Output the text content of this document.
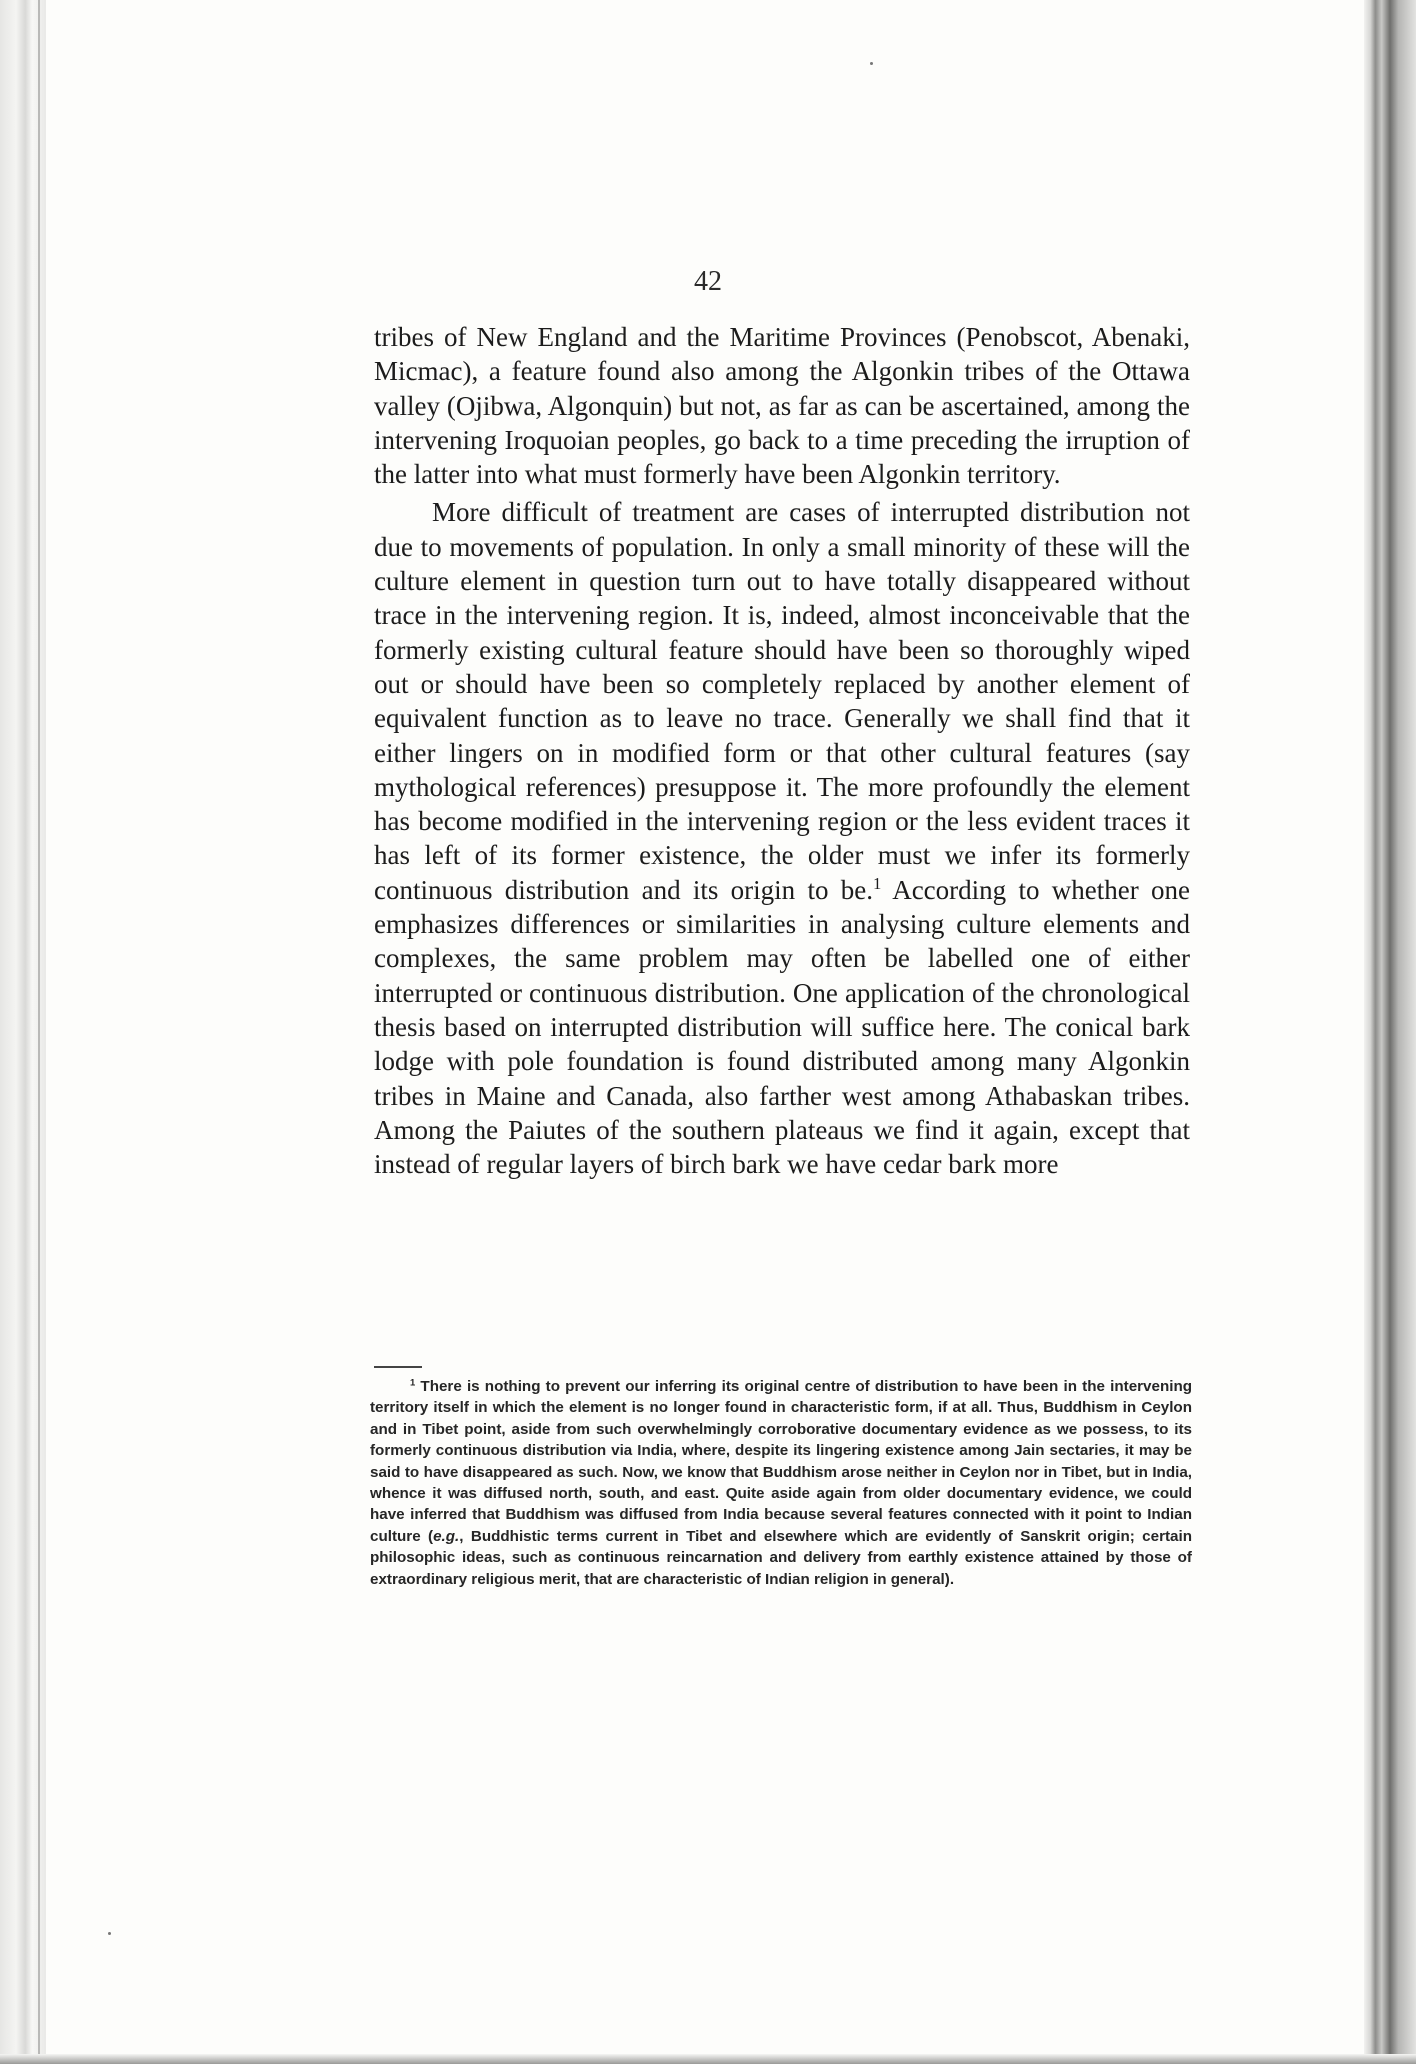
42

tribes of New England and the Maritime Provinces (Penobscot, Abenaki, Micmac), a feature found also among the Algonkin tribes of the Ottawa valley (Ojibwa, Algonquin) but not, as far as can be ascertained, among the intervening Iroquoian peoples, go back to a time preceding the irruption of the latter into what must formerly have been Algonkin territory.

More difficult of treatment are cases of interrupted distribution not due to movements of population. In only a small minority of these will the culture element in question turn out to have totally disappeared without trace in the intervening region. It is, indeed, almost inconceivable that the formerly existing cultural feature should have been so thoroughly wiped out or should have been so completely replaced by another element of equivalent function as to leave no trace. Generally we shall find that it either lingers on in modified form or that other cultural features (say mythological references) presuppose it. The more profoundly the element has become modified in the intervening region or the less evident traces it has left of its former existence, the older must we infer its formerly continuous distribution and its origin to be.$^1$ According to whether one emphasizes differences or similarities in analysing culture elements and complexes, the same problem may often be labelled one of either interrupted or continuous distribution. One application of the chronological thesis based on interrupted distribution will suffice here. The conical bark lodge with pole foundation is found distributed among many Algonkin tribes in Maine and Canada, also farther west among Athabaskan tribes. Among the Paiutes of the southern plateaus we find it again, except that instead of regular layers of birch bark we have cedar bark more

$^1$ There is nothing to prevent our inferring its original centre of distribution to have been in the intervening territory itself in which the element is no longer found in characteristic form, if at all. Thus, Buddhism in Ceylon and in Tibet point, aside from such overwhelmingly corroborative documentary evidence as we possess, to its formerly continuous distribution via India, where, despite its lingering existence among Jain sectaries, it may be said to have disappeared as such. Now, we know that Buddhism arose neither in Ceylon nor in Tibet, but in India, whence it was diffused north, south, and east. Quite aside again from older documentary evidence, we could have inferred that Buddhism was diffused from India because several features connected with it point to Indian culture (e.g., Buddhistic terms current in Tibet and elsewhere which are evidently of Sanskrit origin; certain philosophic ideas, such as continuous reincarnation and delivery from earthly existence attained by those of extraordinary religious merit, that are characteristic of Indian religion in general).
